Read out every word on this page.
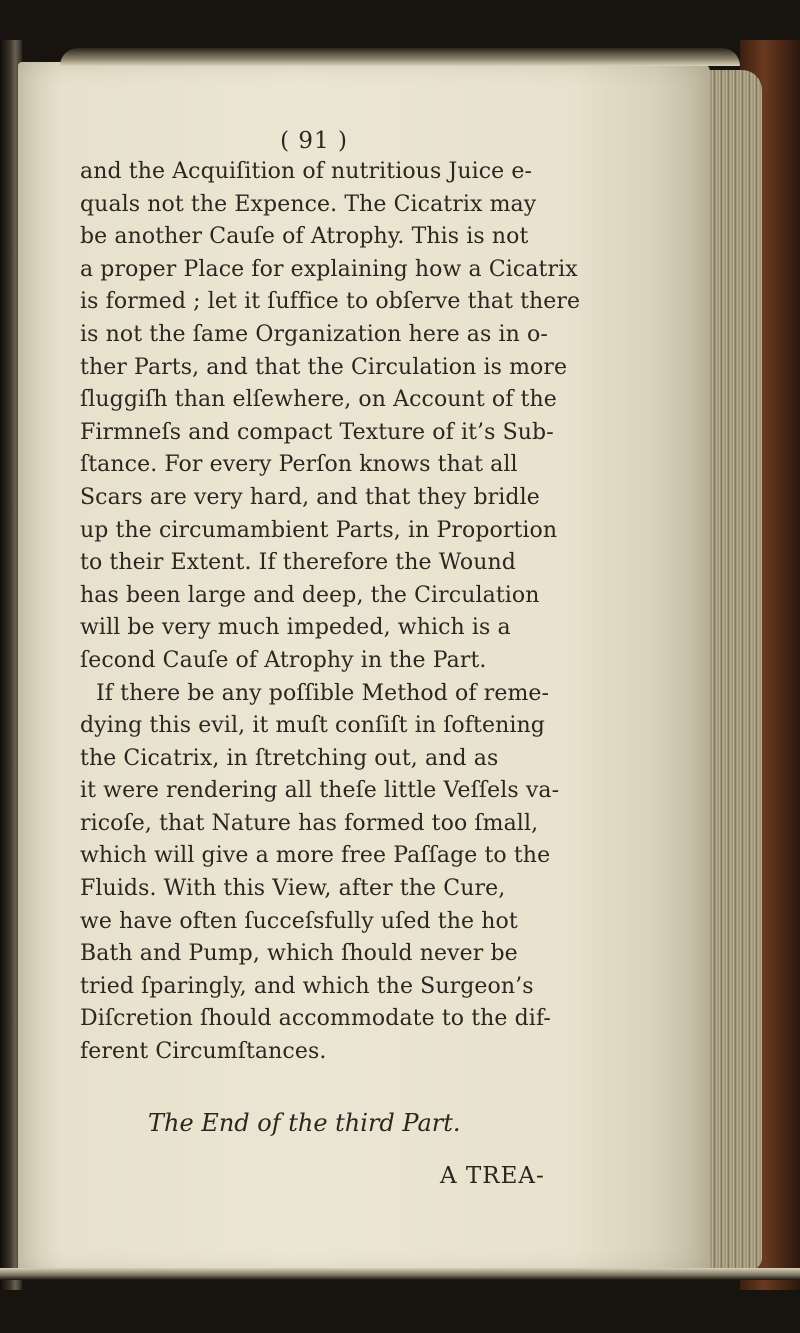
( 91 )
and the Acquiſition of nutritious Juice e-
quals not the Expence. The Cicatrix may
be another Cauſe of Atrophy. This is not
a proper Place for explaining how a Cicatrix
is formed ; let it ſuffice to obſerve that there
is not the ſame Organization here as in o-
ther Parts, and that the Circulation is more
ſluggiſh than elſewhere, on Account of the
Firmneſs and compact Texture of it’s Sub-
ſtance. For every Perſon knows that all
Scars are very hard, and that they bridle
up the circumambient Parts, in Proportion
to their Extent. If therefore the Wound
has been large and deep, the Circulation
will be very much impeded, which is a
ſecond Cauſe of Atrophy in the Part.
If there be any poſſible Method of reme-
dying this evil, it muſt conſiſt in ſoftening
the Cicatrix, in ſtretching out, and as
it were rendering all theſe little Veſſels va-
ricoſe, that Nature has formed too ſmall,
which will give a more free Paſſage to the
Fluids. With this View, after the Cure,
we have often ſucceſsfully uſed the hot
Bath and Pump, which ſhould never be
tried ſparingly, and which the Surgeon’s
Diſcretion ſhould accommodate to the dif-
ferent Circumſtances.
The End of the third Part.
A TREA-
